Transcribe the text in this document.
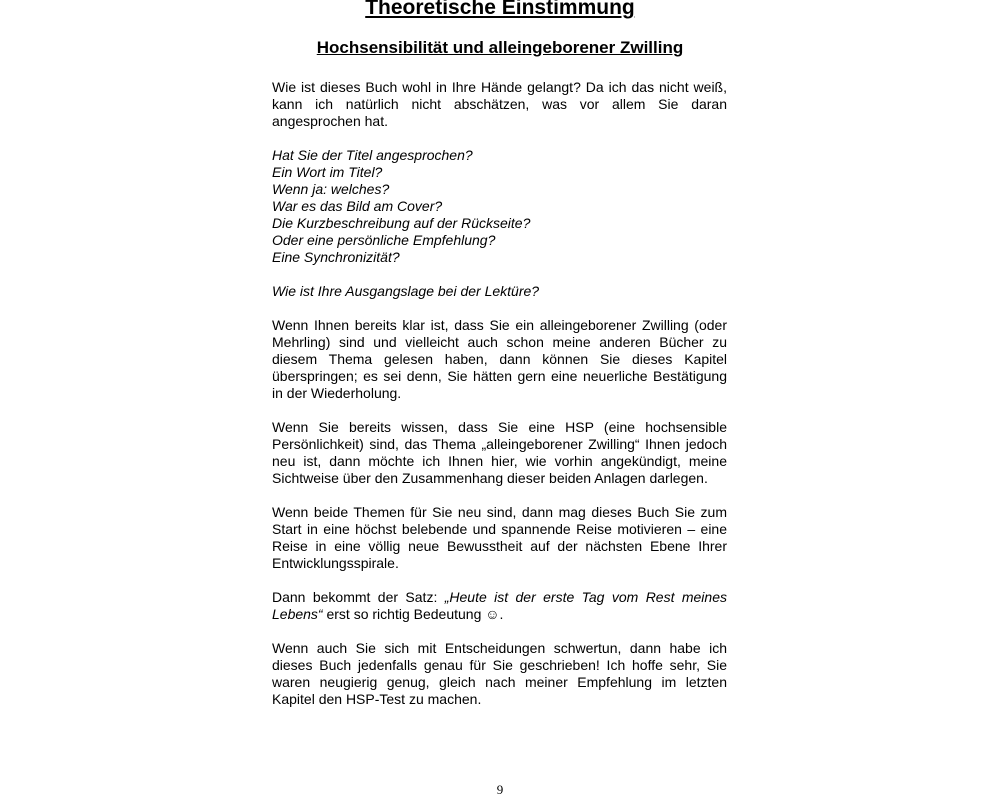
Theoretische Einstimmung
Hochsensibilität und alleingeborener Zwilling

Wie ist dieses Buch wohl in Ihre Hände gelangt? Da ich das nicht weiß, kann ich natürlich nicht abschätzen, was vor allem Sie daran angesprochen hat.

Hat Sie der Titel angesprochen?
Ein Wort im Titel?
Wenn ja: welches?
War es das Bild am Cover?
Die Kurzbeschreibung auf der Rückseite?
Oder eine persönliche Empfehlung?
Eine Synchronizität?
Wie ist Ihre Ausgangslage bei der Lektüre?

Wenn Ihnen bereits klar ist, dass Sie ein alleingeborener Zwilling (oder Mehrling) sind und vielleicht auch schon meine anderen Bücher zu diesem Thema gelesen haben, dann können Sie dieses Kapitel überspringen; es sei denn, Sie hätten gern eine neuerliche Bestätigung in der Wiederholung.

Wenn Sie bereits wissen, dass Sie eine HSP (eine hochsensible Persönlichkeit) sind, das Thema „alleingeborener Zwilling“ Ihnen jedoch neu ist, dann möchte ich Ihnen hier, wie vorhin angekündigt, meine Sichtweise über den Zusammenhang dieser beiden Anlagen darlegen.

Wenn beide Themen für Sie neu sind, dann mag dieses Buch Sie zum Start in eine höchst belebende und spannende Reise motivieren – eine Reise in eine völlig neue Bewusstheit auf der nächsten Ebene Ihrer Entwicklungsspirale.

Dann bekommt der Satz: „Heute ist der erste Tag vom Rest meines Lebens“ erst so richtig Bedeutung ☺.

Wenn auch Sie sich mit Entscheidungen schwertun, dann habe ich dieses Buch jedenfalls genau für Sie geschrieben! Ich hoffe sehr, Sie waren neugierig genug, gleich nach meiner Empfehlung im letzten Kapitel den HSP-Test zu machen.

9
